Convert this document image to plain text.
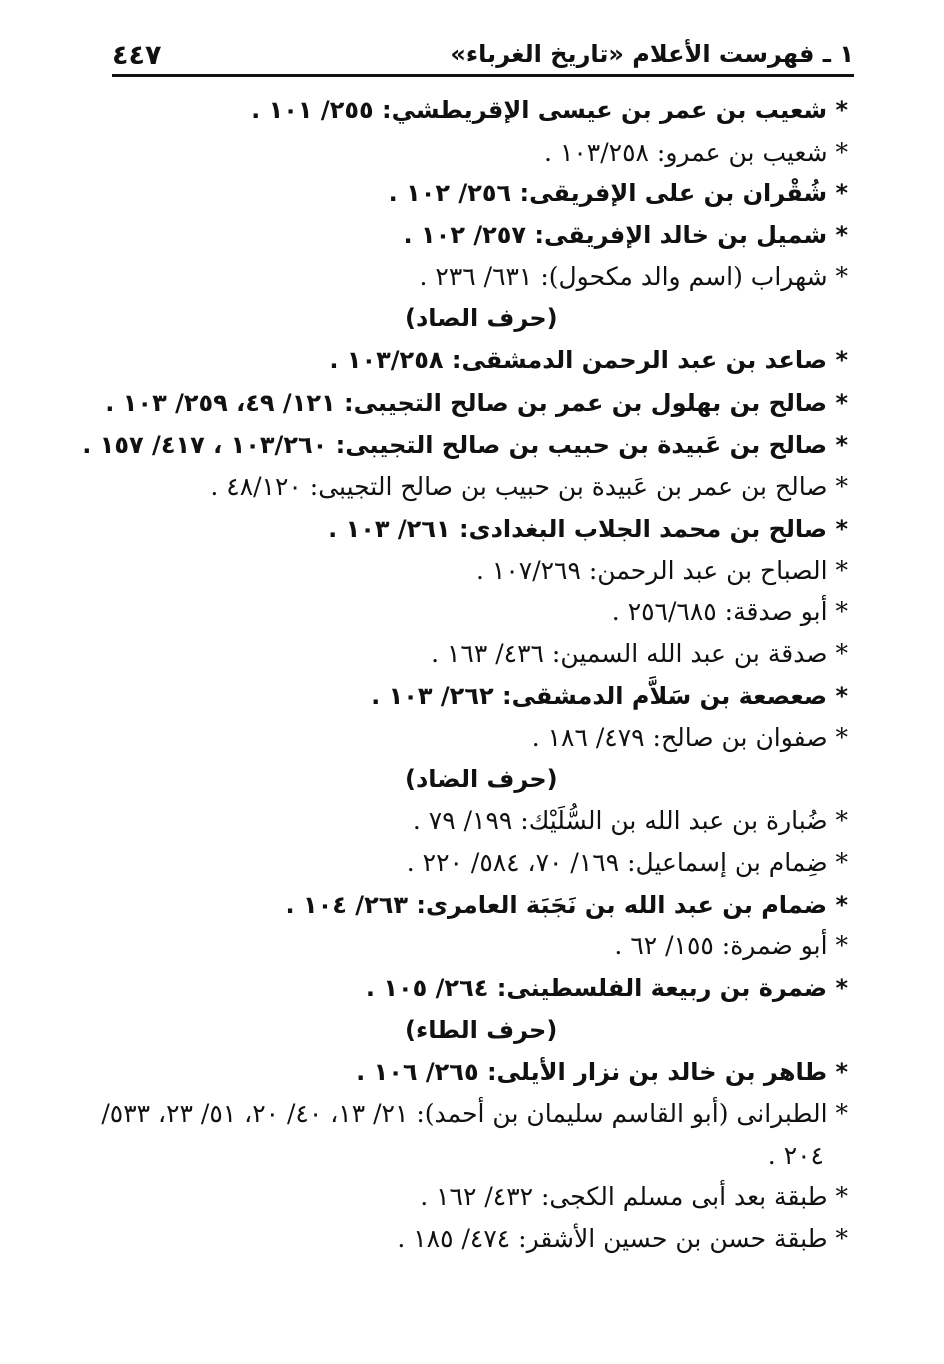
٤٤٧	١ ـ فهرست الأعلام «تاريخ الغرباء»
* شعيب بن عمر بن عيسى الإقريطشي: ٢٥٥/ ١٠١ .
* شعيب بن عمرو: ١٠٣/٢٥٨ .
* شُقْران بن على الإفريقى: ٢٥٦/ ١٠٢ .
* شميل بن خالد الإفريقى: ٢٥٧/ ١٠٢ .
* شهراب (اسم والد مكحول): ٦٣١/ ٢٣٦ .
(حرف الصاد)
* صاعد بن عبد الرحمن الدمشقى: ١٠٣/٢٥٨ .
* صالح بن بهلول بن عمر بن صالح التجيبى: ١٢١/ ٤٩، ٢٥٩/ ١٠٣ .
* صالح بن عَبيدة بن حبيب بن صالح التجيبى: ١٠٣/٢٦٠ ، ٤١٧/ ١٥٧ .
* صالح بن عمر بن عَبيدة بن حبيب بن صالح التجيبى: ٤٨/١٢٠ .
* صالح بن محمد الجلاب البغدادى: ٢٦١/ ١٠٣ .
* الصباح بن عبد الرحمن: ١٠٧/٢٦٩ .
* أبو صدقة: ٢٥٦/٦٨٥ .
* صدقة بن عبد الله السمين: ٤٣٦/ ١٦٣ .
* صعصعة بن سَلاَّم الدمشقى: ٢٦٢/ ١٠٣ .
* صفوان بن صالح: ٤٧٩/ ١٨٦ .
(حرف الضاد)
* ضُبارة بن عبد الله بن السُّلَيْك: ١٩٩/ ٧٩ .
* ضِمام بن إسماعيل: ١٦٩/ ٧٠، ٥٨٤/ ٢٢٠ .
* ضمام بن عبد الله بن نَجَبَة العامرى: ٢٦٣/ ١٠٤ .
* أبو ضمرة: ١٥٥/ ٦٢ .
* ضمرة بن ربيعة الفلسطينى: ٢٦٤/ ١٠٥ .
(حرف الطاء)
* طاهر بن خالد بن نزار الأيلى: ٢٦٥/ ١٠٦ .
* الطبرانى (أبو القاسم سليمان بن أحمد): ٢١/ ١٣، ٤٠/ ٢٠، ٥١/ ٢٣، ٥٣٣/
٢٠٤ .
* طبقة بعد أبى مسلم الكجى: ٤٣٢/ ١٦٢ .
* طبقة حسن بن حسين الأشقر: ٤٧٤/ ١٨٥ .
